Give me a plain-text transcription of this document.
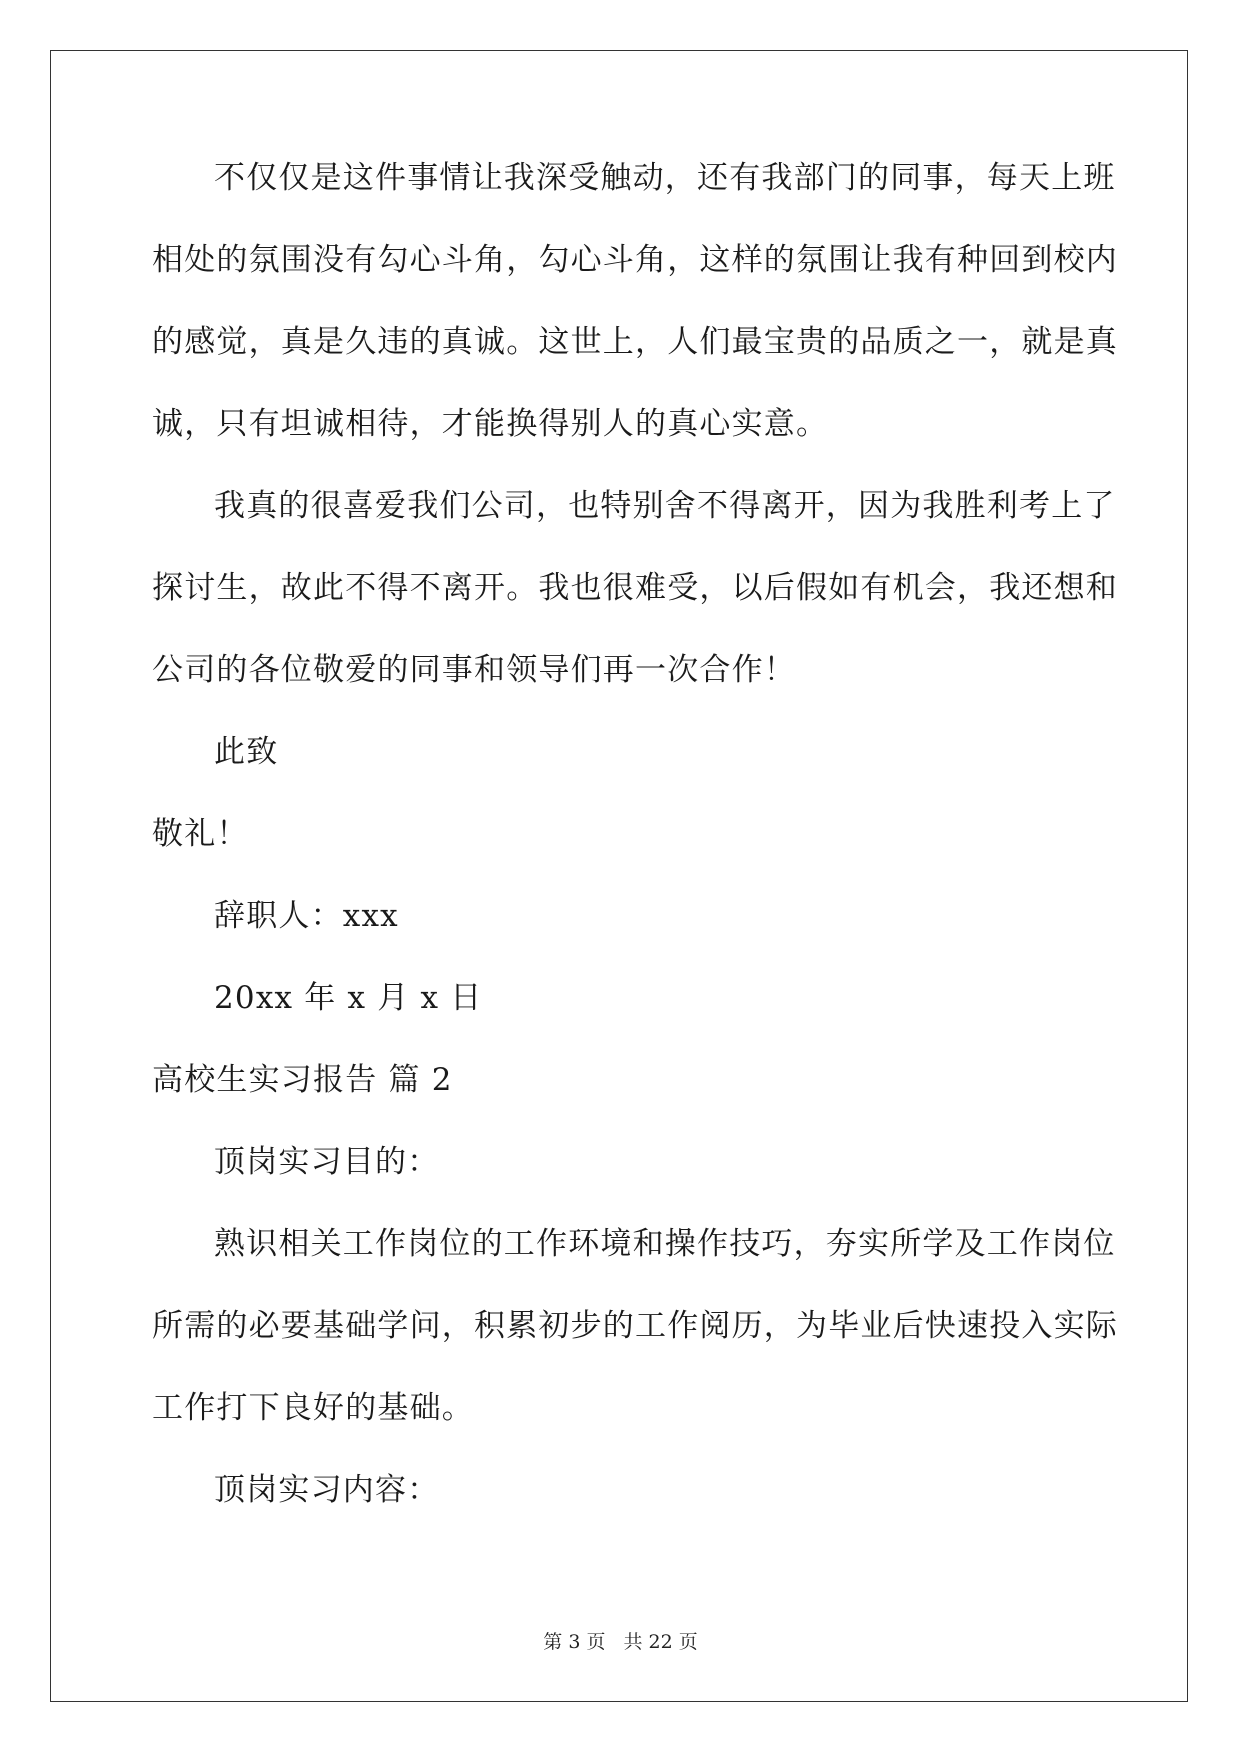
不仅仅是这件事情让我深受触动，还有我部门的同事，每天上班
相处的氛围没有勾心斗角，勾心斗角，这样的氛围让我有种回到校内
的感觉，真是久违的真诚。这世上，人们最宝贵的品质之一，就是真
诚，只有坦诚相待，才能换得别人的真心实意。
我真的很喜爱我们公司，也特别舍不得离开，因为我胜利考上了
探讨生，故此不得不离开。我也很难受，以后假如有机会，我还想和
公司的各位敬爱的同事和领导们再一次合作！
此致
敬礼！
辞职人：xxx
20xx 年 x 月 x 日
高校生实习报告 篇 2
顶岗实习目的：
熟识相关工作岗位的工作环境和操作技巧，夯实所学及工作岗位
所需的必要基础学问，积累初步的工作阅历，为毕业后快速投入实际
工作打下良好的基础。
顶岗实习内容：
第 3 页 共 22 页
